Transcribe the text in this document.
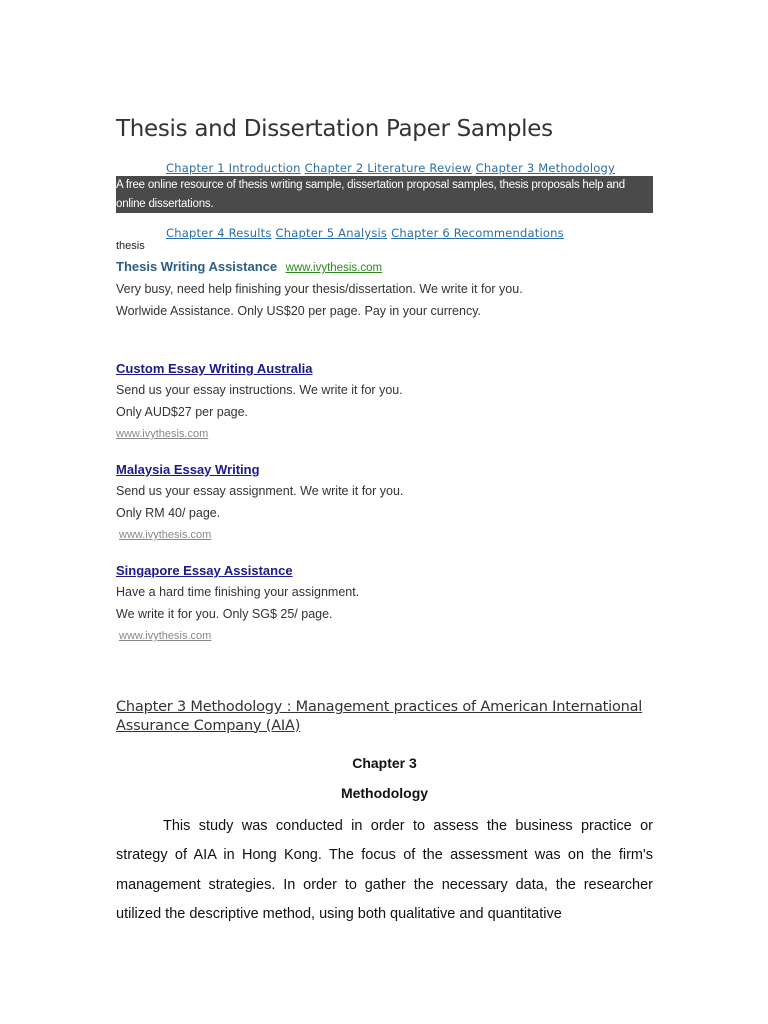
Thesis and Dissertation Paper Samples
Chapter 1 Introduction Chapter 2 Literature Review Chapter 3 Methodology
A free online resource of thesis writing sample, dissertation proposal samples, thesis proposals help and online dissertations.
Chapter 4 Results Chapter 5 Analysis Chapter 6 Recommendations
thesis
Thesis Writing Assistance www.ivythesis.com
Very busy, need help finishing your thesis/dissertation. We write it for you.
Worlwide Assistance. Only US$20 per page. Pay in your currency.
Custom Essay Writing Australia
Send us your essay instructions. We write it for you.
Only AUD$27 per page.
www.ivythesis.com
Malaysia Essay Writing
Send us your essay assignment. We write it for you.
Only RM 40/ page.
www.ivythesis.com
Singapore Essay Assistance
Have a hard time finishing your assignment.
We write it for you. Only SG$ 25/ page.
www.ivythesis.com
Chapter 3 Methodology : Management practices of American International Assurance Company (AIA)
Chapter 3
Methodology
This study was conducted in order to assess the business practice or strategy of AIA in Hong Kong. The focus of the assessment was on the firm's management strategies. In order to gather the necessary data, the researcher utilized the descriptive method, using both qualitative and quantitative
